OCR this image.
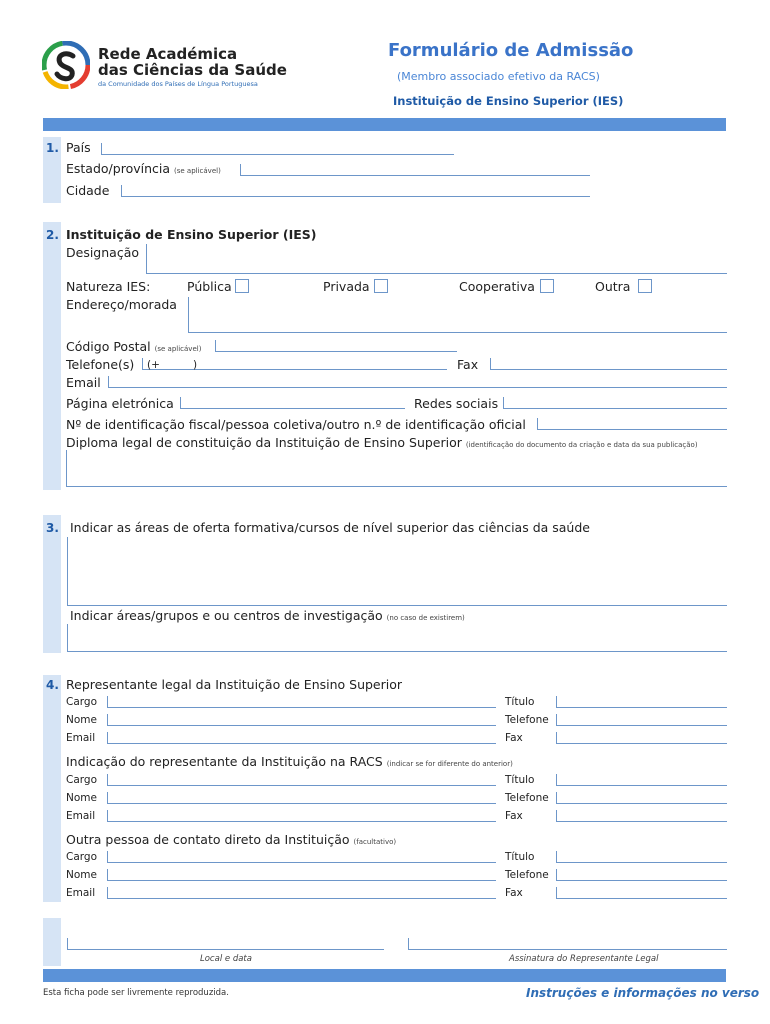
Rede Académica
das Ciências da Saúde
da Comunidade dos Países de Língua Portuguesa
Formulário de Admissão
(Membro associado efetivo da RACS)
Instituição de Ensino Superior (IES)
1. País
Estado/província (se aplicável)
Cidade
2. Instituição de Ensino Superior (IES)
Designação
Natureza IES:	Pública	Privada	Cooperativa	Outra
Endereço/morada
Código Postal (se aplicável)
Telefone(s) (+	)	Fax
Email
Página eletrónica	Redes sociais
Nº de identificação fiscal/pessoa coletiva/outro n.º de identificação oficial
Diploma legal de constituição da Instituição de Ensino Superior (identificação do documento da criação e data da sua publicação)
3. Indicar as áreas de oferta formativa/cursos de nível superior das ciências da saúde
Indicar áreas/grupos e ou centros de investigação (no caso de existirem)
4. Representante legal da Instituição de Ensino Superior
Cargo	Título
Nome	Telefone
Email	Fax
Indicação do representante da Instituição na RACS (indicar se for diferente do anterior)
Cargo	Título
Nome	Telefone
Email	Fax
Outra pessoa de contato direto da Instituição (facultativo)
Cargo	Título
Nome	Telefone
Email	Fax
Local e data	Assinatura do Representante Legal
Esta ficha pode ser livremente reproduzida.	Instruções e informações no verso
